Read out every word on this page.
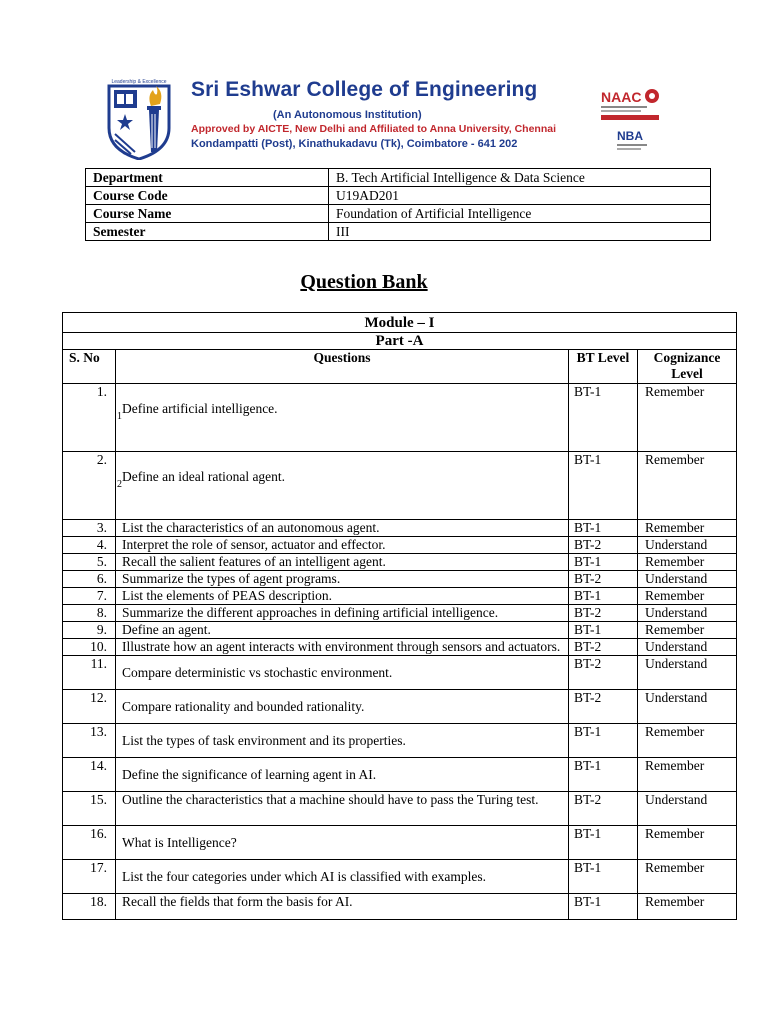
Leadership & Excellence Sri Eshwar College of Engineering
(An Autonomous Institution)
Approved by AICTE, New Delhi and Affiliated to Anna University, Chennai
Kondampatti (Post), Kinathukadavu (Tk), Coimbatore - 641 202
NAAC
NBA
Department	B. Tech Artificial Intelligence & Data Science
Course Code	U19AD201
Course Name	Foundation of Artificial Intelligence
Semester	III
Question Bank
Module – I			
Part -A			
S. No	Questions	BT Level	Cognizance Level
1.	$_1$Define artificial intelligence.	BT-1	Remember
2.	$_2$Define an ideal rational agent.	BT-1	Remember
3.	List the characteristics of an autonomous agent.	BT-1	Remember
4.	Interpret the role of sensor, actuator and effector.	BT-2	Understand
5.	Recall the salient features of an intelligent agent.	BT-1	Remember
6.	Summarize the types of agent programs.	BT-2	Understand
7.	List the elements of PEAS description.	BT-1	Remember
8.	Summarize the different approaches in defining artificial intelligence.	BT-2	Understand
9.	Define an agent.	BT-1	Remember
10.	Illustrate how an agent interacts with environment through sensors and actuators.	BT-2	Understand
11.	Compare deterministic vs stochastic environment.	BT-2	Understand
12.	Compare rationality and bounded rationality.	BT-2	Understand
13.	List the types of task environment and its properties.	BT-1	Remember
14.	Define the significance of learning agent in AI.	BT-1	Remember
15.	Outline the characteristics that a machine should have to pass the Turing test.	BT-2	Understand
16.	What is Intelligence?	BT-1	Remember
17.	List the four categories under which AI is classified with examples.	BT-1	Remember
18.	Recall the fields that form the basis for AI.	BT-1	Remember
